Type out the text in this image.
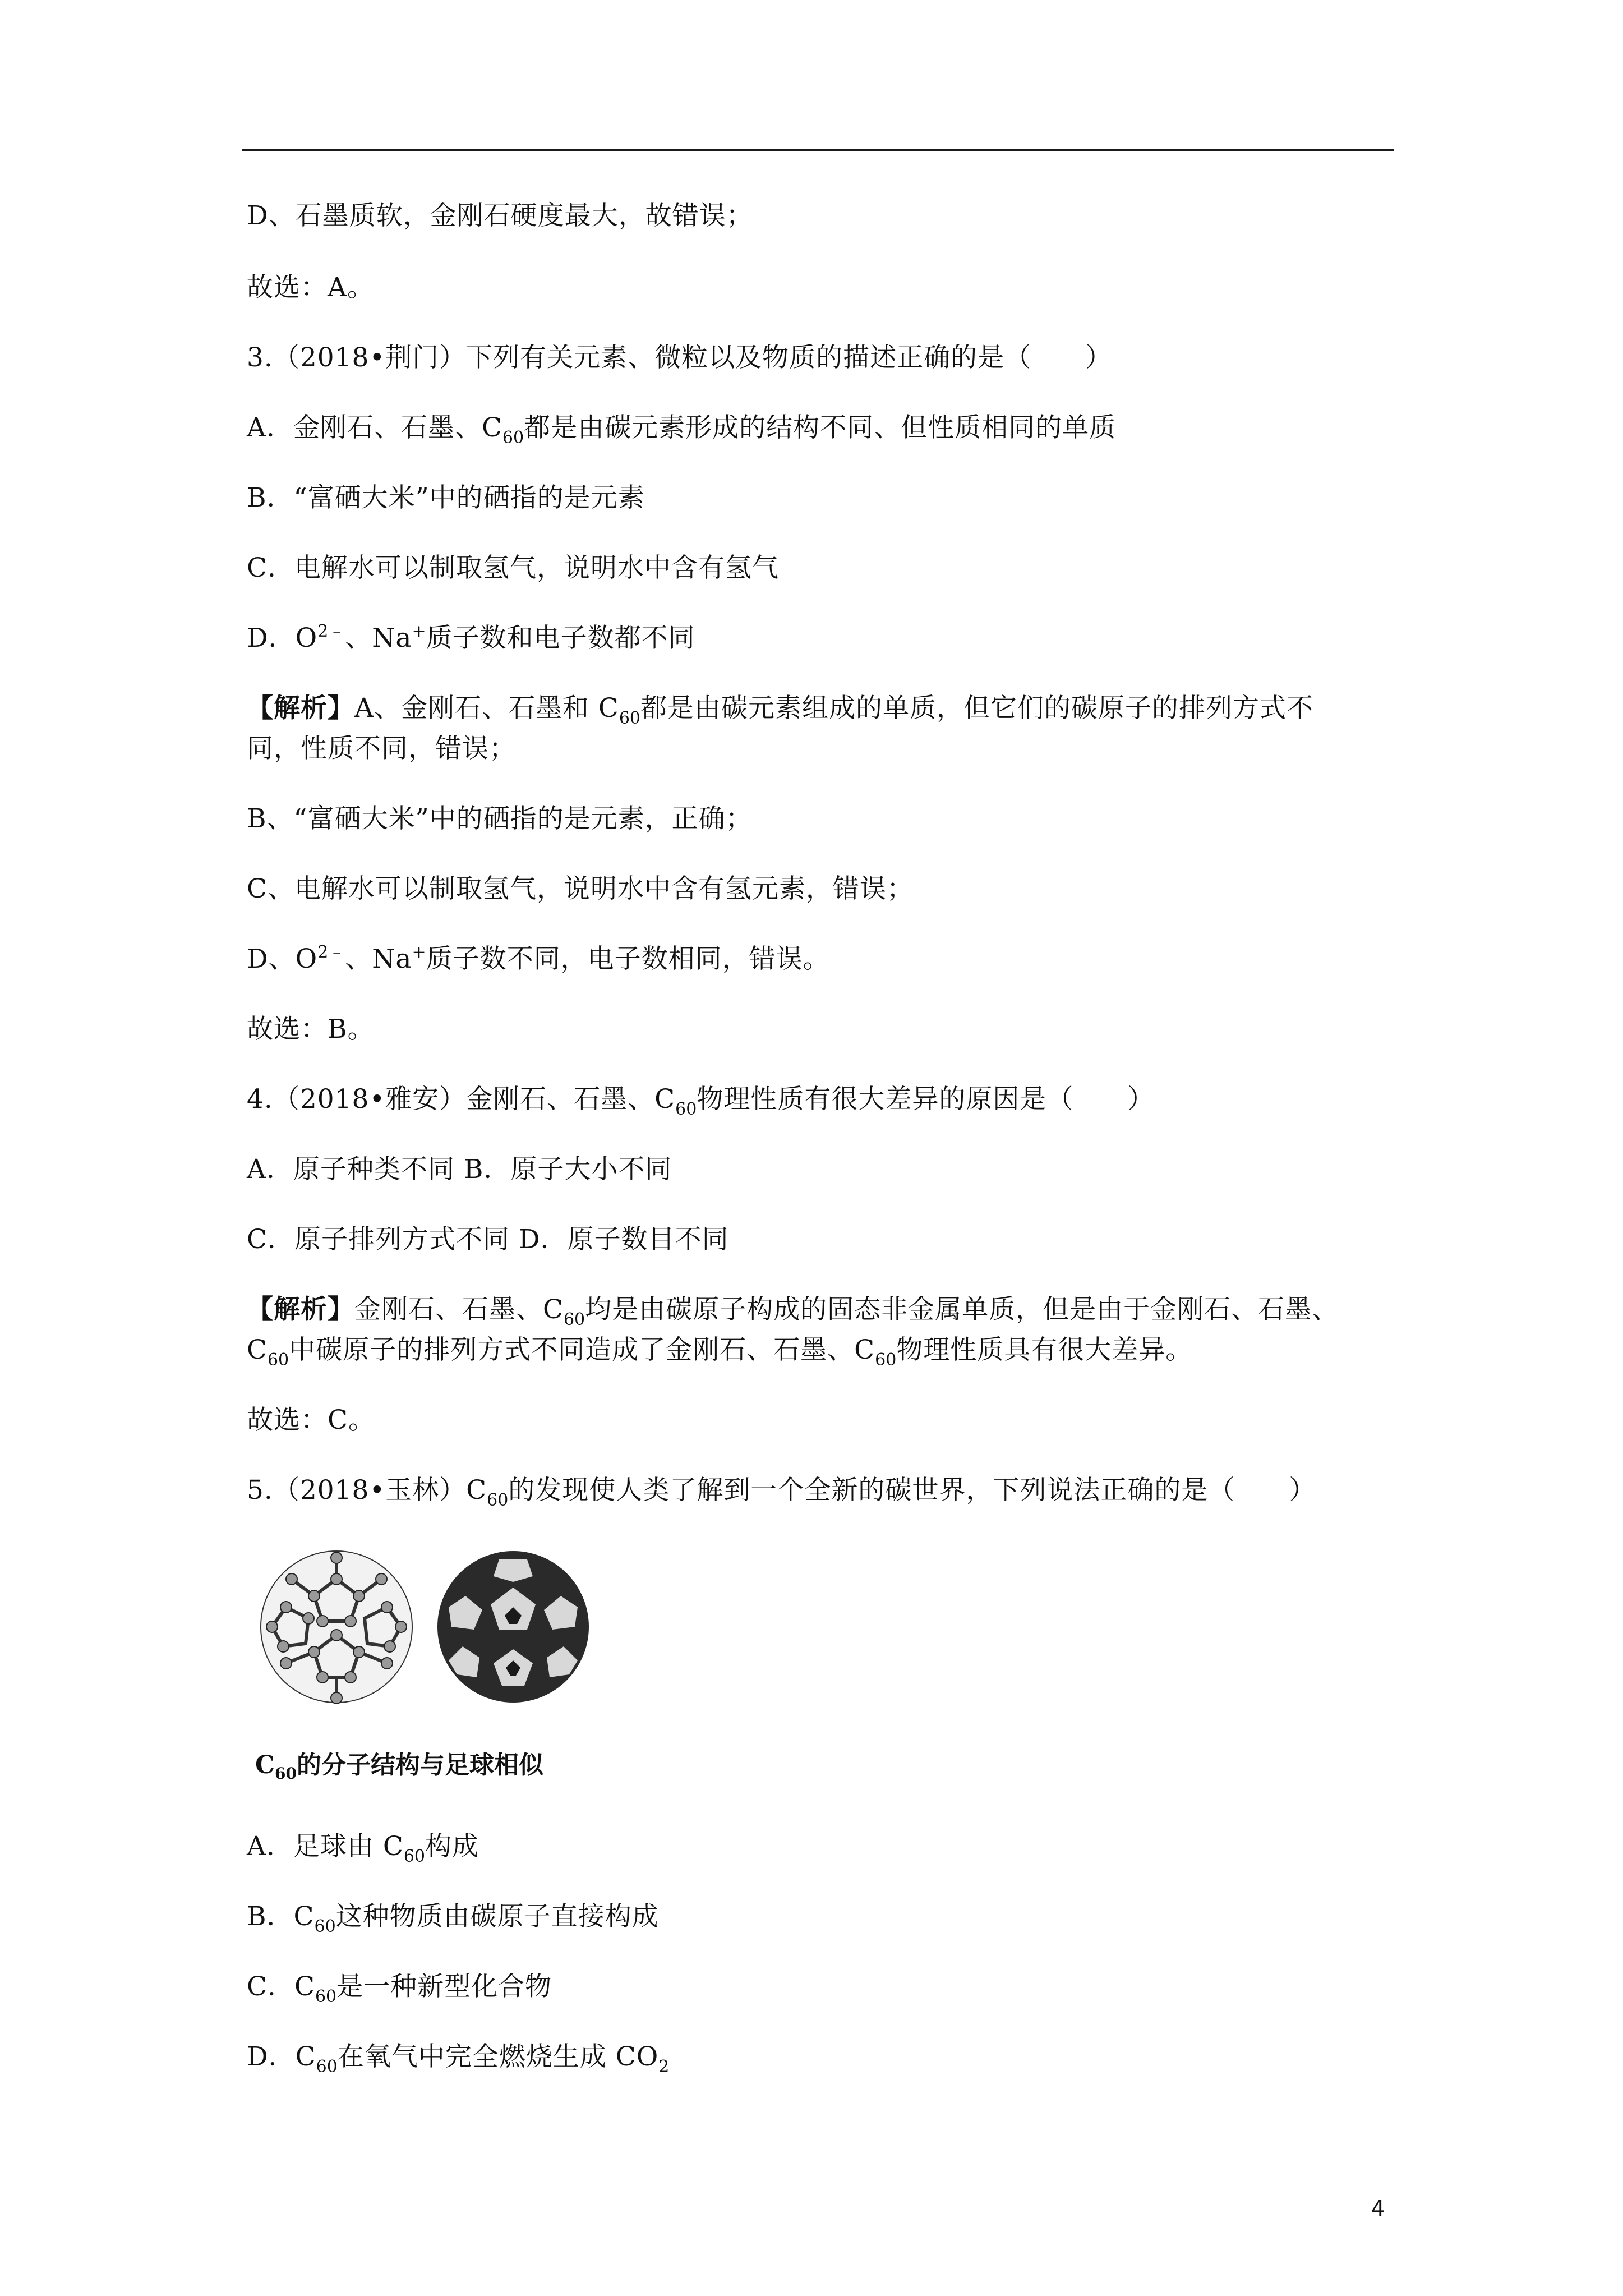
D、石墨质软，金刚石硬度最大，故错误；
故选：A。
3.（2018•荆门）下列有关元素、微粒以及物质的描述正确的是（　　）
A．金刚石、石墨、$C_{60}$都是由碳元素形成的结构不同、但性质相同的单质
B．“富硒大米”中的硒指的是元素
C．电解水可以制取氢气，说明水中含有氢气
D．$O^{2﹣}$、Na+质子数和电子数都不同
【解析】A、金刚石、石墨和 $C_{60}$都是由碳元素组成的单质，但它们的碳原子的排列方式不
同，性质不同，错误；
B、“富硒大米”中的硒指的是元素，正确；
C、电解水可以制取氢气，说明水中含有氢元素，错误；
D、$O^{2﹣}$、Na+质子数不同，电子数相同，错误。
故选：B。
4.（2018•雅安）金刚石、石墨、$C_{60}$物理性质有很大差异的原因是（　　）
A．原子种类不同 B．原子大小不同
C．原子排列方式不同 D．原子数目不同
【解析】金刚石、石墨、$C_{60}$均是由碳原子构成的固态非金属单质，但是由于金刚石、石墨、
$C_{60}$中碳原子的排列方式不同造成了金刚石、石墨、$C_{60}$物理性质具有很大差异。
故选：C。
5.（2018•玉林）$C_{60}$的发现使人类了解到一个全新的碳世界，下列说法正确的是（　　）
$C_{60}$的分子结构与足球相似
A．足球由 $C_{60}$构成
B．$C_{60}$这种物质由碳原子直接构成
C．$C_{60}$是一种新型化合物
D．$C_{60}$在氧气中完全燃烧生成 $CO_2$
4
